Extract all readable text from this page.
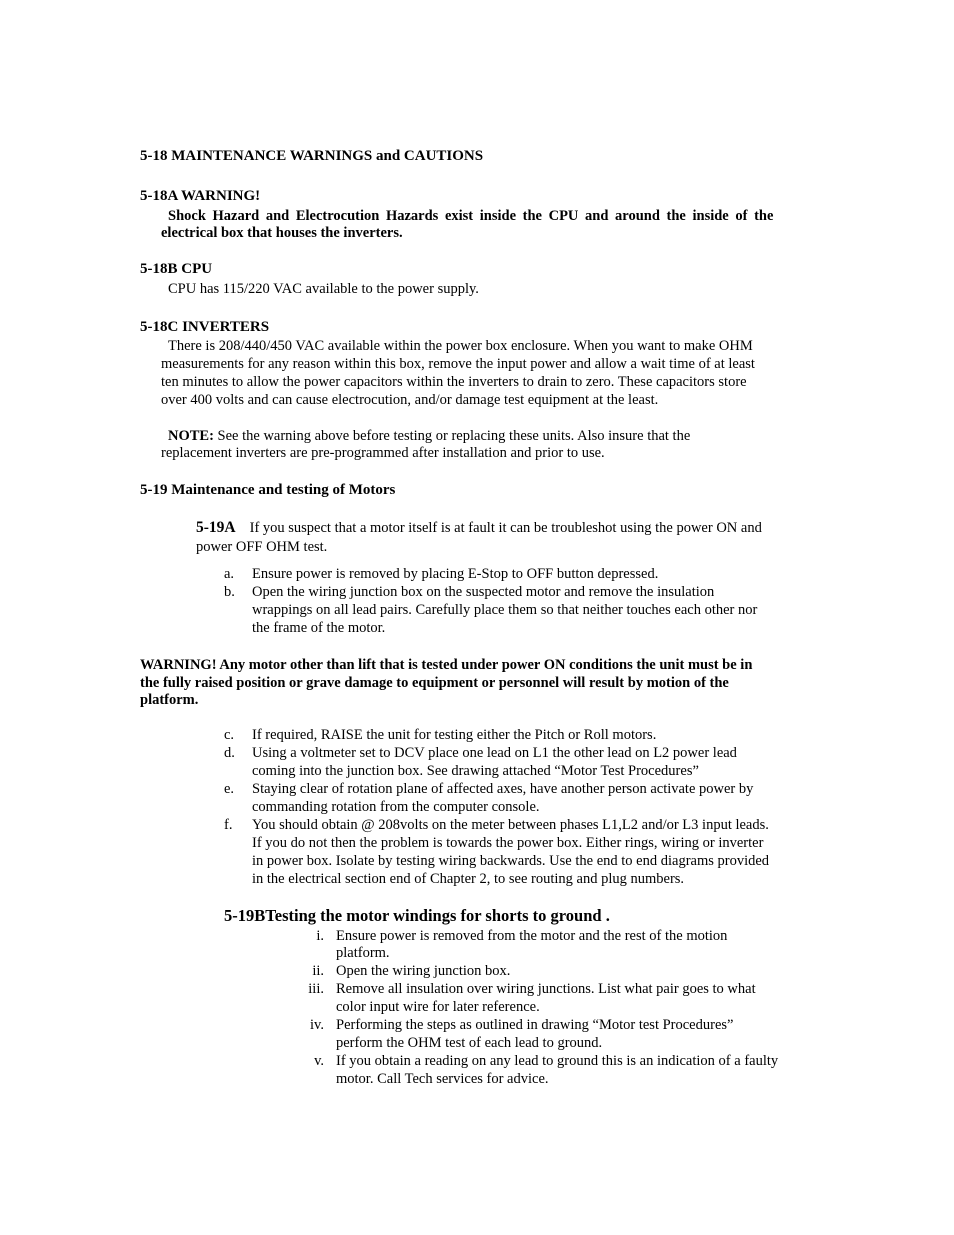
5-18 MAINTENANCE WARNINGS and CAUTIONS
5-18A WARNING!
Shock Hazard and Electrocution Hazards exist inside the CPU and around the inside of the
electrical box that houses the inverters.
5-18B CPU
CPU has 115/220 VAC available to the power supply.
5-18C INVERTERS
There is 208/440/450 VAC available within the power box enclosure. When you want to make OHM
measurements for any reason within this box, remove the input power and allow a wait time of at least
ten minutes to allow the power capacitors within the inverters to drain to zero. These capacitors store
over 400 volts and can cause electrocution, and/or damage test equipment at the least.
NOTE: See the warning above before testing or replacing these units. Also insure that the
replacement inverters are pre-programmed after installation and prior to use.
5-19 Maintenance and testing of Motors
5-19A If you suspect that a motor itself is at fault it can be troubleshot using the power ON and
power OFF OHM test.
a. Ensure power is removed by placing E-Stop to OFF button depressed.
b. Open the wiring junction box on the suspected motor and remove the insulation
wrappings on all lead pairs. Carefully place them so that neither touches each other nor
the frame of the motor.
WARNING! Any motor other than lift that is tested under power ON conditions the unit must be in
the fully raised position or grave damage to equipment or personnel will result by motion of the
platform.
c. If required, RAISE the unit for testing either the Pitch or Roll motors.
d. Using a voltmeter set to DCV place one lead on L1 the other lead on L2 power lead
coming into the junction box. See drawing attached “Motor Test Procedures”
e. Staying clear of rotation plane of affected axes, have another person activate power by
commanding rotation from the computer console.
f. You should obtain @ 208volts on the meter between phases L1,L2 and/or L3 input leads.
If you do not then the problem is towards the power box. Either rings, wiring or inverter
in power box. Isolate by testing wiring backwards. Use the end to end diagrams provided
in the electrical section end of Chapter 2, to see routing and plug numbers.
5-19BTesting the motor windings for shorts to ground .
i. Ensure power is removed from the motor and the rest of the motion
platform.
ii. Open the wiring junction box.
iii. Remove all insulation over wiring junctions. List what pair goes to what
color input wire for later reference.
iv. Performing the steps as outlined in drawing “Motor test Procedures”
perform the OHM test of each lead to ground.
v. If you obtain a reading on any lead to ground this is an indication of a faulty
motor. Call Tech services for advice.
